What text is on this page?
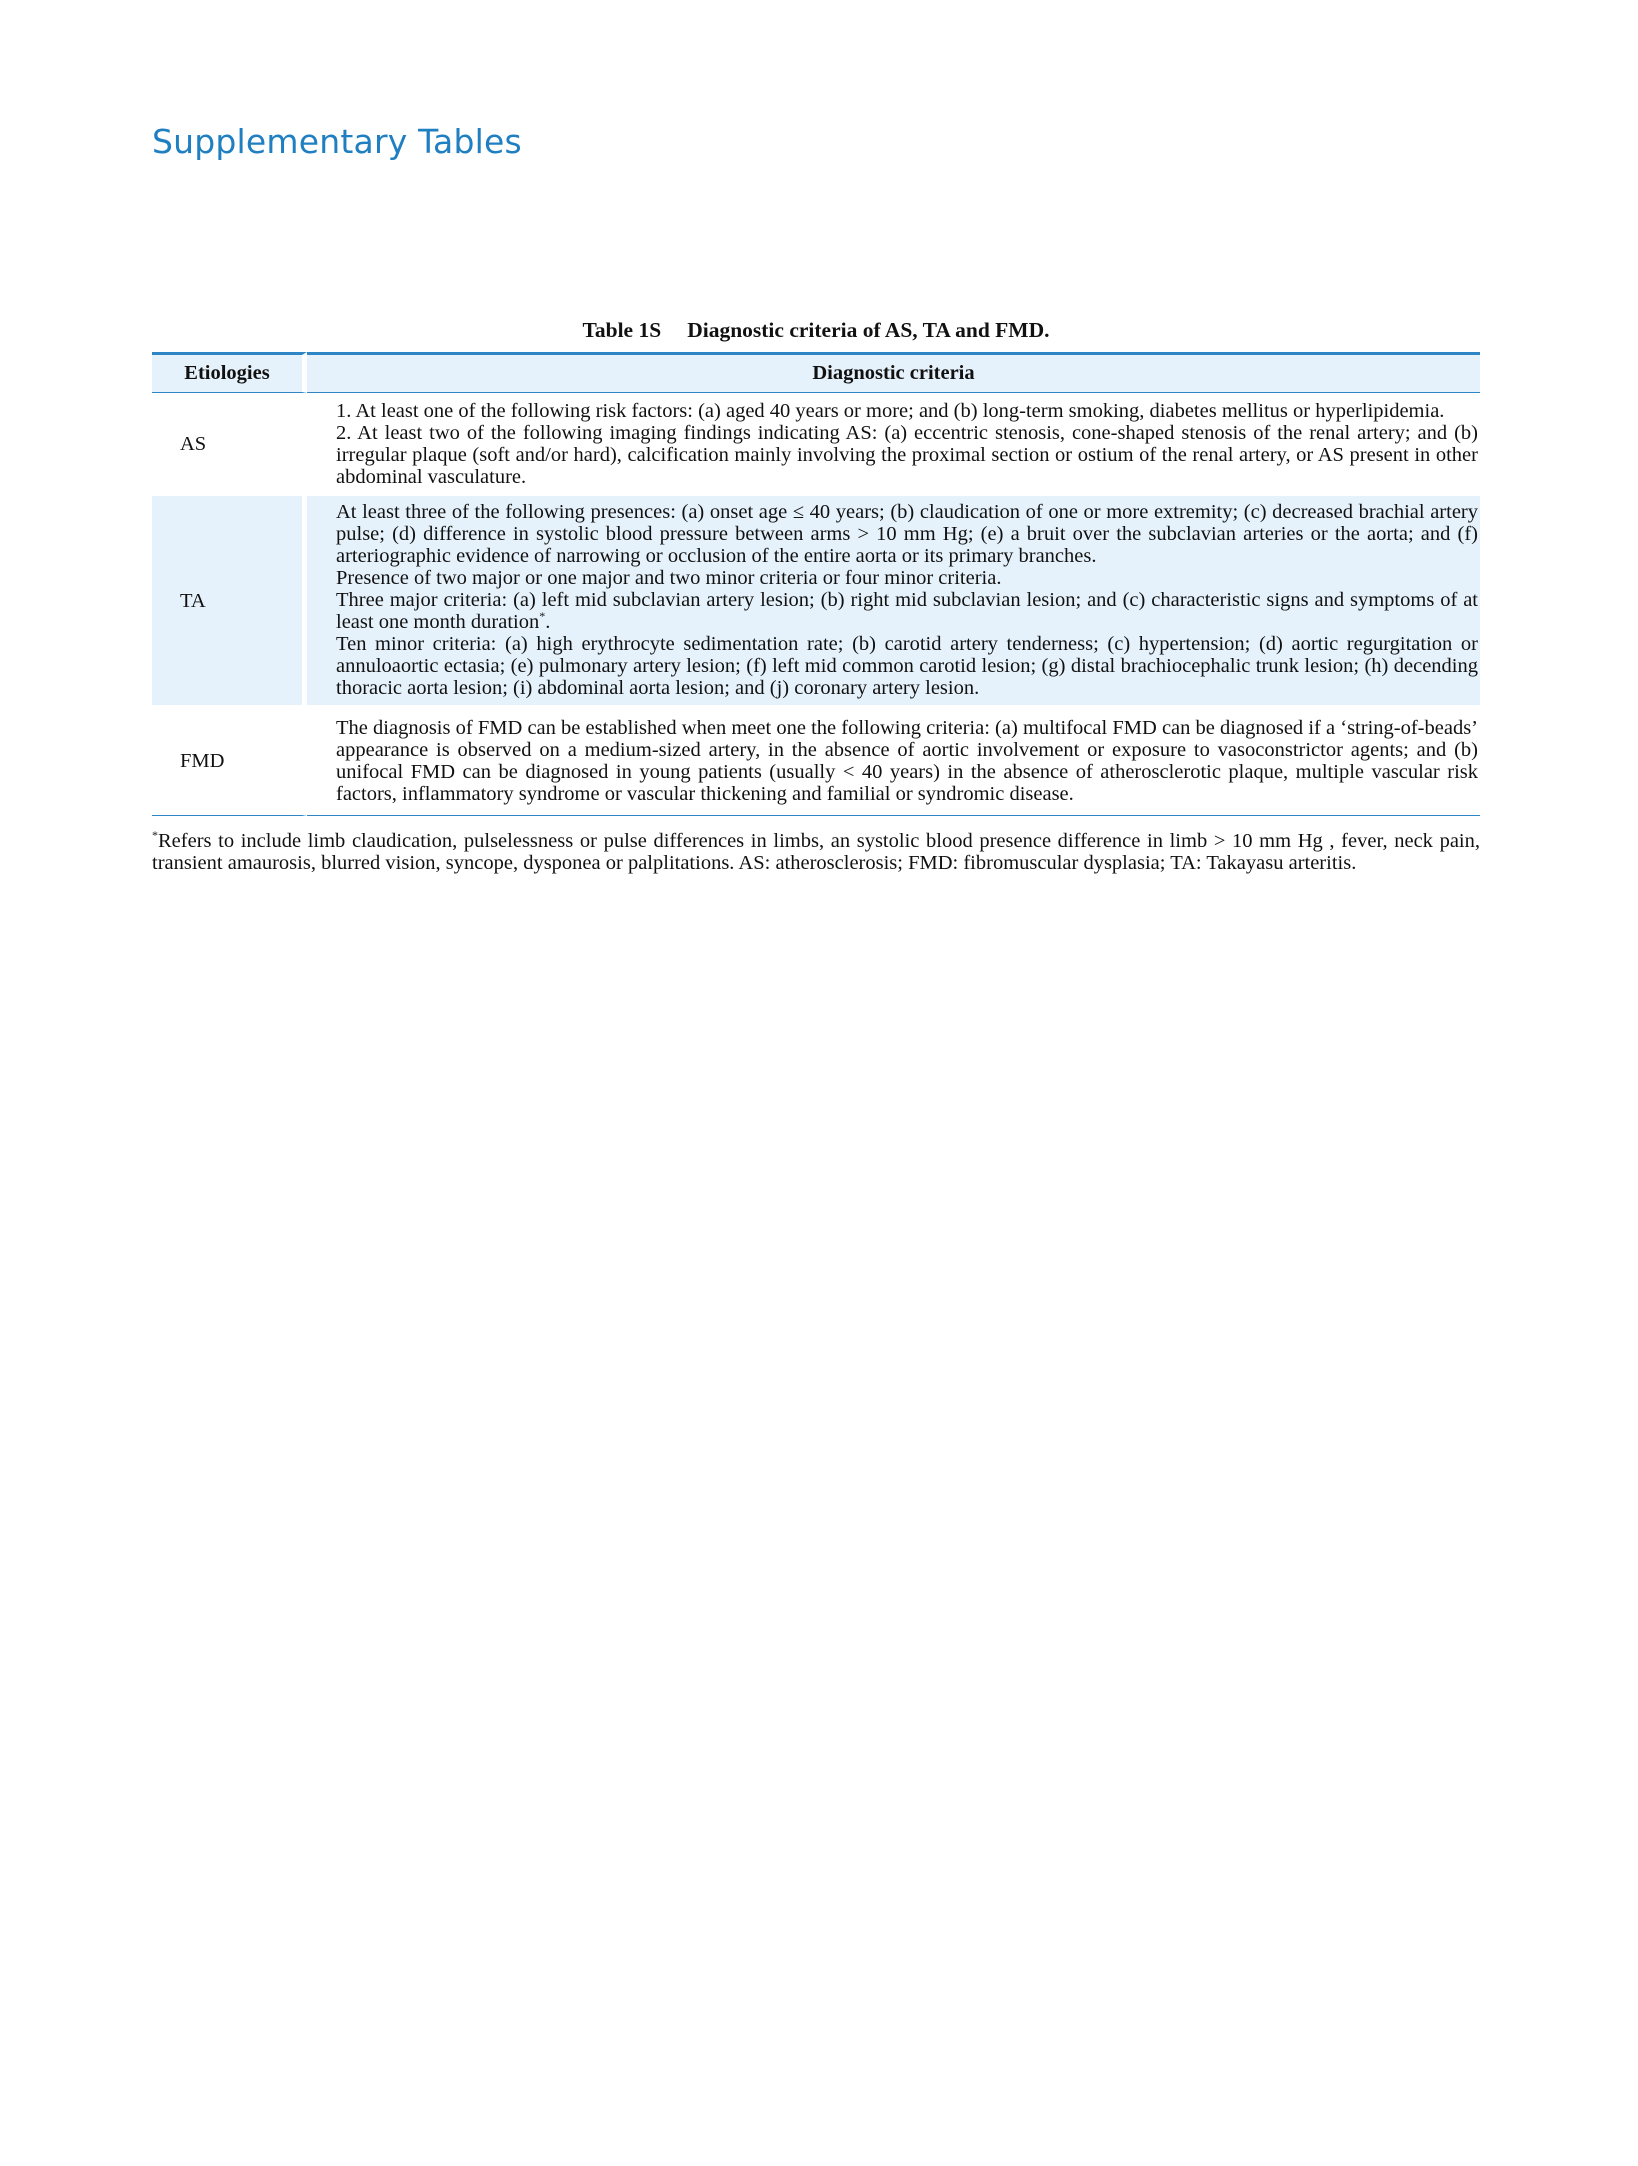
Supplementary Tables
Table 1S Diagnostic criteria of AS, TA and FMD.
Etiologies	Diagnostic criteria
AS	1. At least one of the following risk factors: (a) aged 40 years or more; and (b) long-term smoking, diabetes mellitus or hyperlipidemia.
2. At least two of the following imaging findings indicating AS: (a) eccentric stenosis, cone-shaped stenosis of the renal artery; and (b) irregular plaque (soft and/or hard), calcification mainly involving the proximal section or ostium of the renal artery, or AS present in other abdominal vasculature.

TA	At least three of the following presences: (a) onset age ≤ 40 years; (b) claudication of one or more extremity; (c) decreased brachial artery pulse; (d) difference in systolic blood pressure between arms > 10 mm Hg; (e) a bruit over the subclavian arteries or the aorta; and (f) arteriographic evidence of narrowing or occlusion of the entire aorta or its primary branches.
Presence of two major or one major and two minor criteria or four minor criteria.
Three major criteria: (a) left mid subclavian artery lesion; (b) right mid subclavian lesion; and (c) characteristic signs and symptoms of at least one month duration*.
Ten minor criteria: (a) high erythrocyte sedimentation rate; (b) carotid artery tenderness; (c) hypertension; (d) aortic regurgitation or annuloaortic ectasia; (e) pulmonary artery lesion; (f) left mid common carotid lesion; (g) distal brachiocephalic trunk lesion; (h) decending thoracic aorta lesion; (i) abdominal aorta lesion; and (j) coronary artery lesion.

FMD	The diagnosis of FMD can be established when meet one the following criteria: (a) multifocal FMD can be diagnosed if a ‘string-of-beads’ appearance is observed on a medium-sized artery, in the absence of aortic involvement or exposure to vasoconstrictor agents; and (b) unifocal FMD can be diagnosed in young patients (usually < 40 years) in the absence of atherosclerotic plaque, multiple vascular risk factors, inflammatory syndrome or vascular thickening and familial or syndromic disease.

*Refers to include limb claudication, pulselessness or pulse differences in limbs, an systolic blood presence difference in limb > 10 mm Hg , fever, neck pain, transient amaurosis, blurred vision, syncope, dysponea or palplitations. AS: atherosclerosis; FMD: fibromuscular dysplasia; TA: Takayasu arteritis.
